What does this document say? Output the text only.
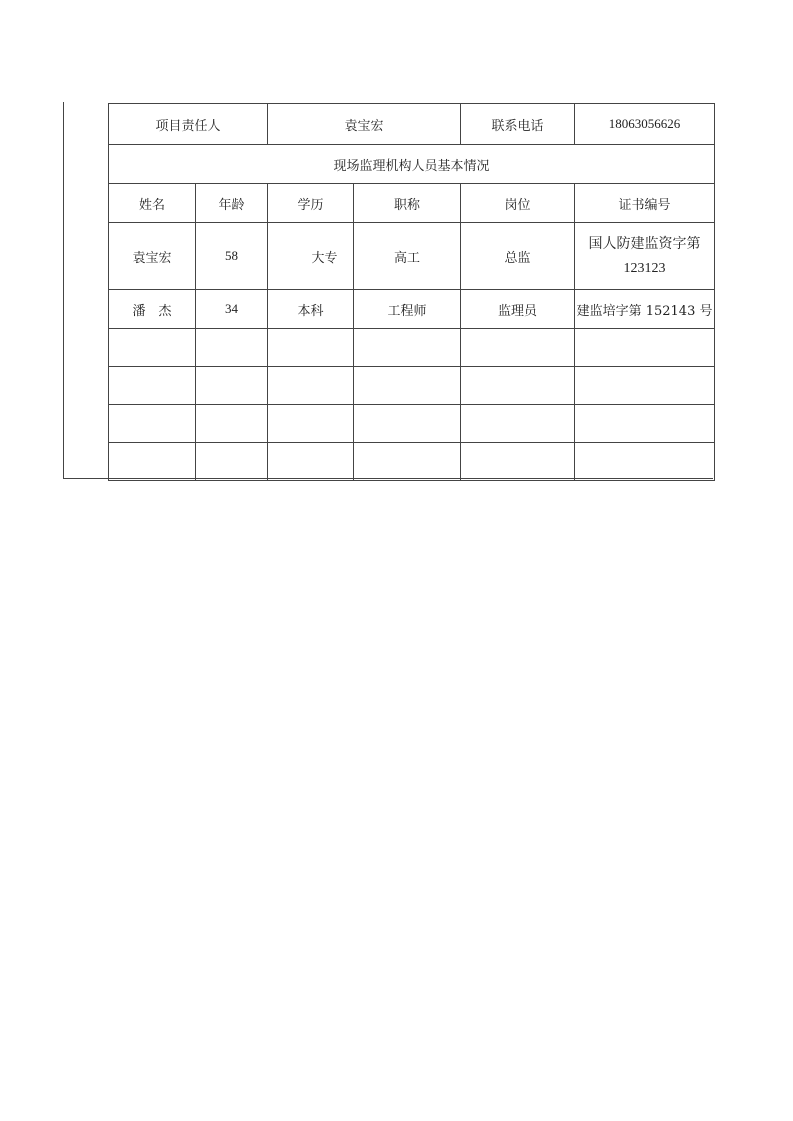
项目责任人		袁宝宏		联系电话	18063056626
现场监理机构人员基本情况					
姓名	年龄	学历	职称	岗位	证书编号
袁宝宏	58	大专	高工	总监	国人防建监资字第
123123

潘　杰	34	本科	工程师	监理员	建监培字第 152143 号
